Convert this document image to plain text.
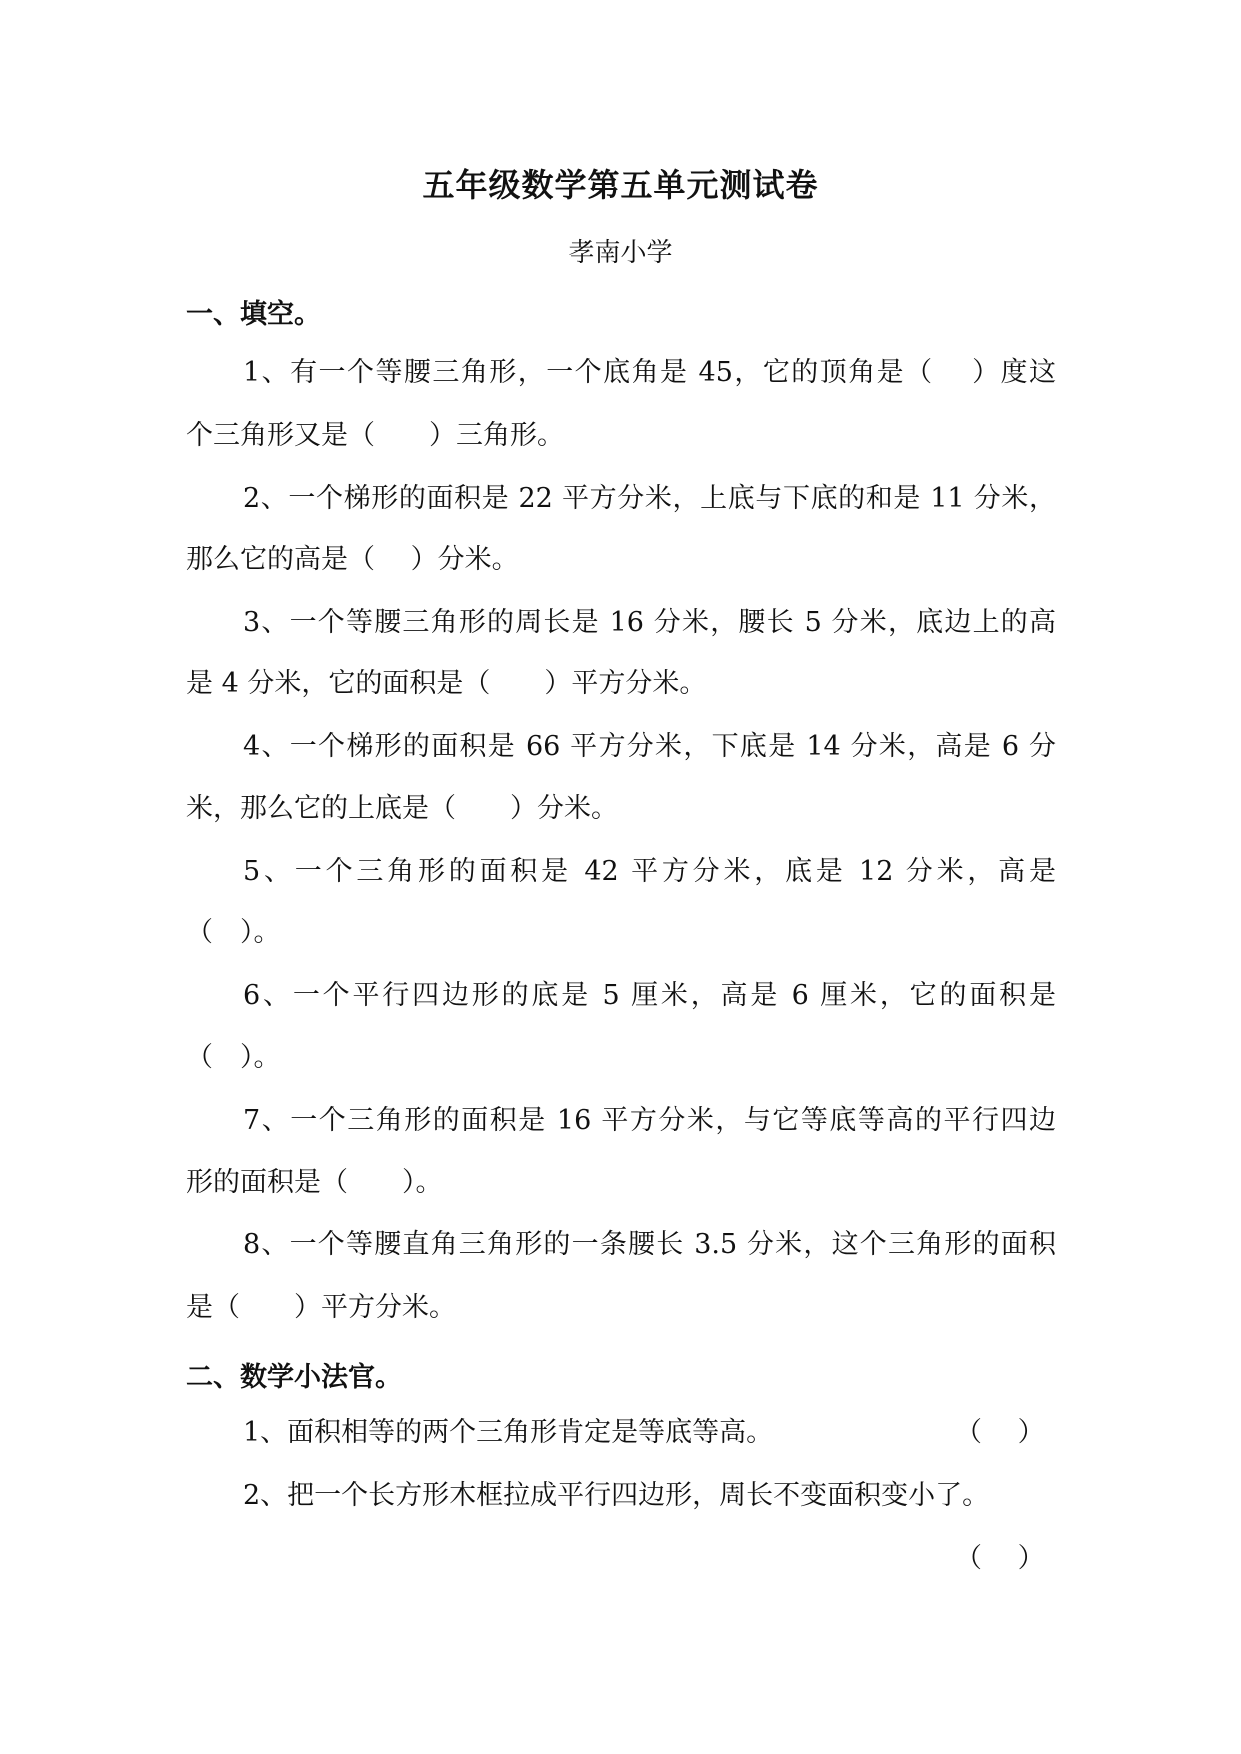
五年级数学第五单元测试卷
孝南小学
一、填空。
1、有一个等腰三角形，一个底角是 45，它的顶角是（　 ）度这
个三角形又是（　　）三角形。
2、一个梯形的面积是 22 平方分米，上底与下底的和是 11 分米，
那么它的高是（　 ）分米。
3、一个等腰三角形的周长是 16 分米，腰长 5 分米，底边上的高
是 4 分米，它的面积是（　　）平方分米。
4、一个梯形的面积是 66 平方分米，下底是 14 分米，高是 6 分
米，那么它的上底是（　　）分米。
5、一个三角形的面积是 42 平方分米，底是 12 分米，高是
（　）。
6、一个平行四边形的底是 5 厘米，高是 6 厘米，它的面积是
（　）。
7、一个三角形的面积是 16 平方分米，与它等底等高的平行四边
形的面积是（　　）。
8、一个等腰直角三角形的一条腰长 3.5 分米，这个三角形的面积
是（　　）平方分米。
二、数学小法官。
1、面积相等的两个三角形肯定是等底等高。	（　 ）
2、把一个长方形木框拉成平行四边形，周长不变面积变小了。
（　 ）
